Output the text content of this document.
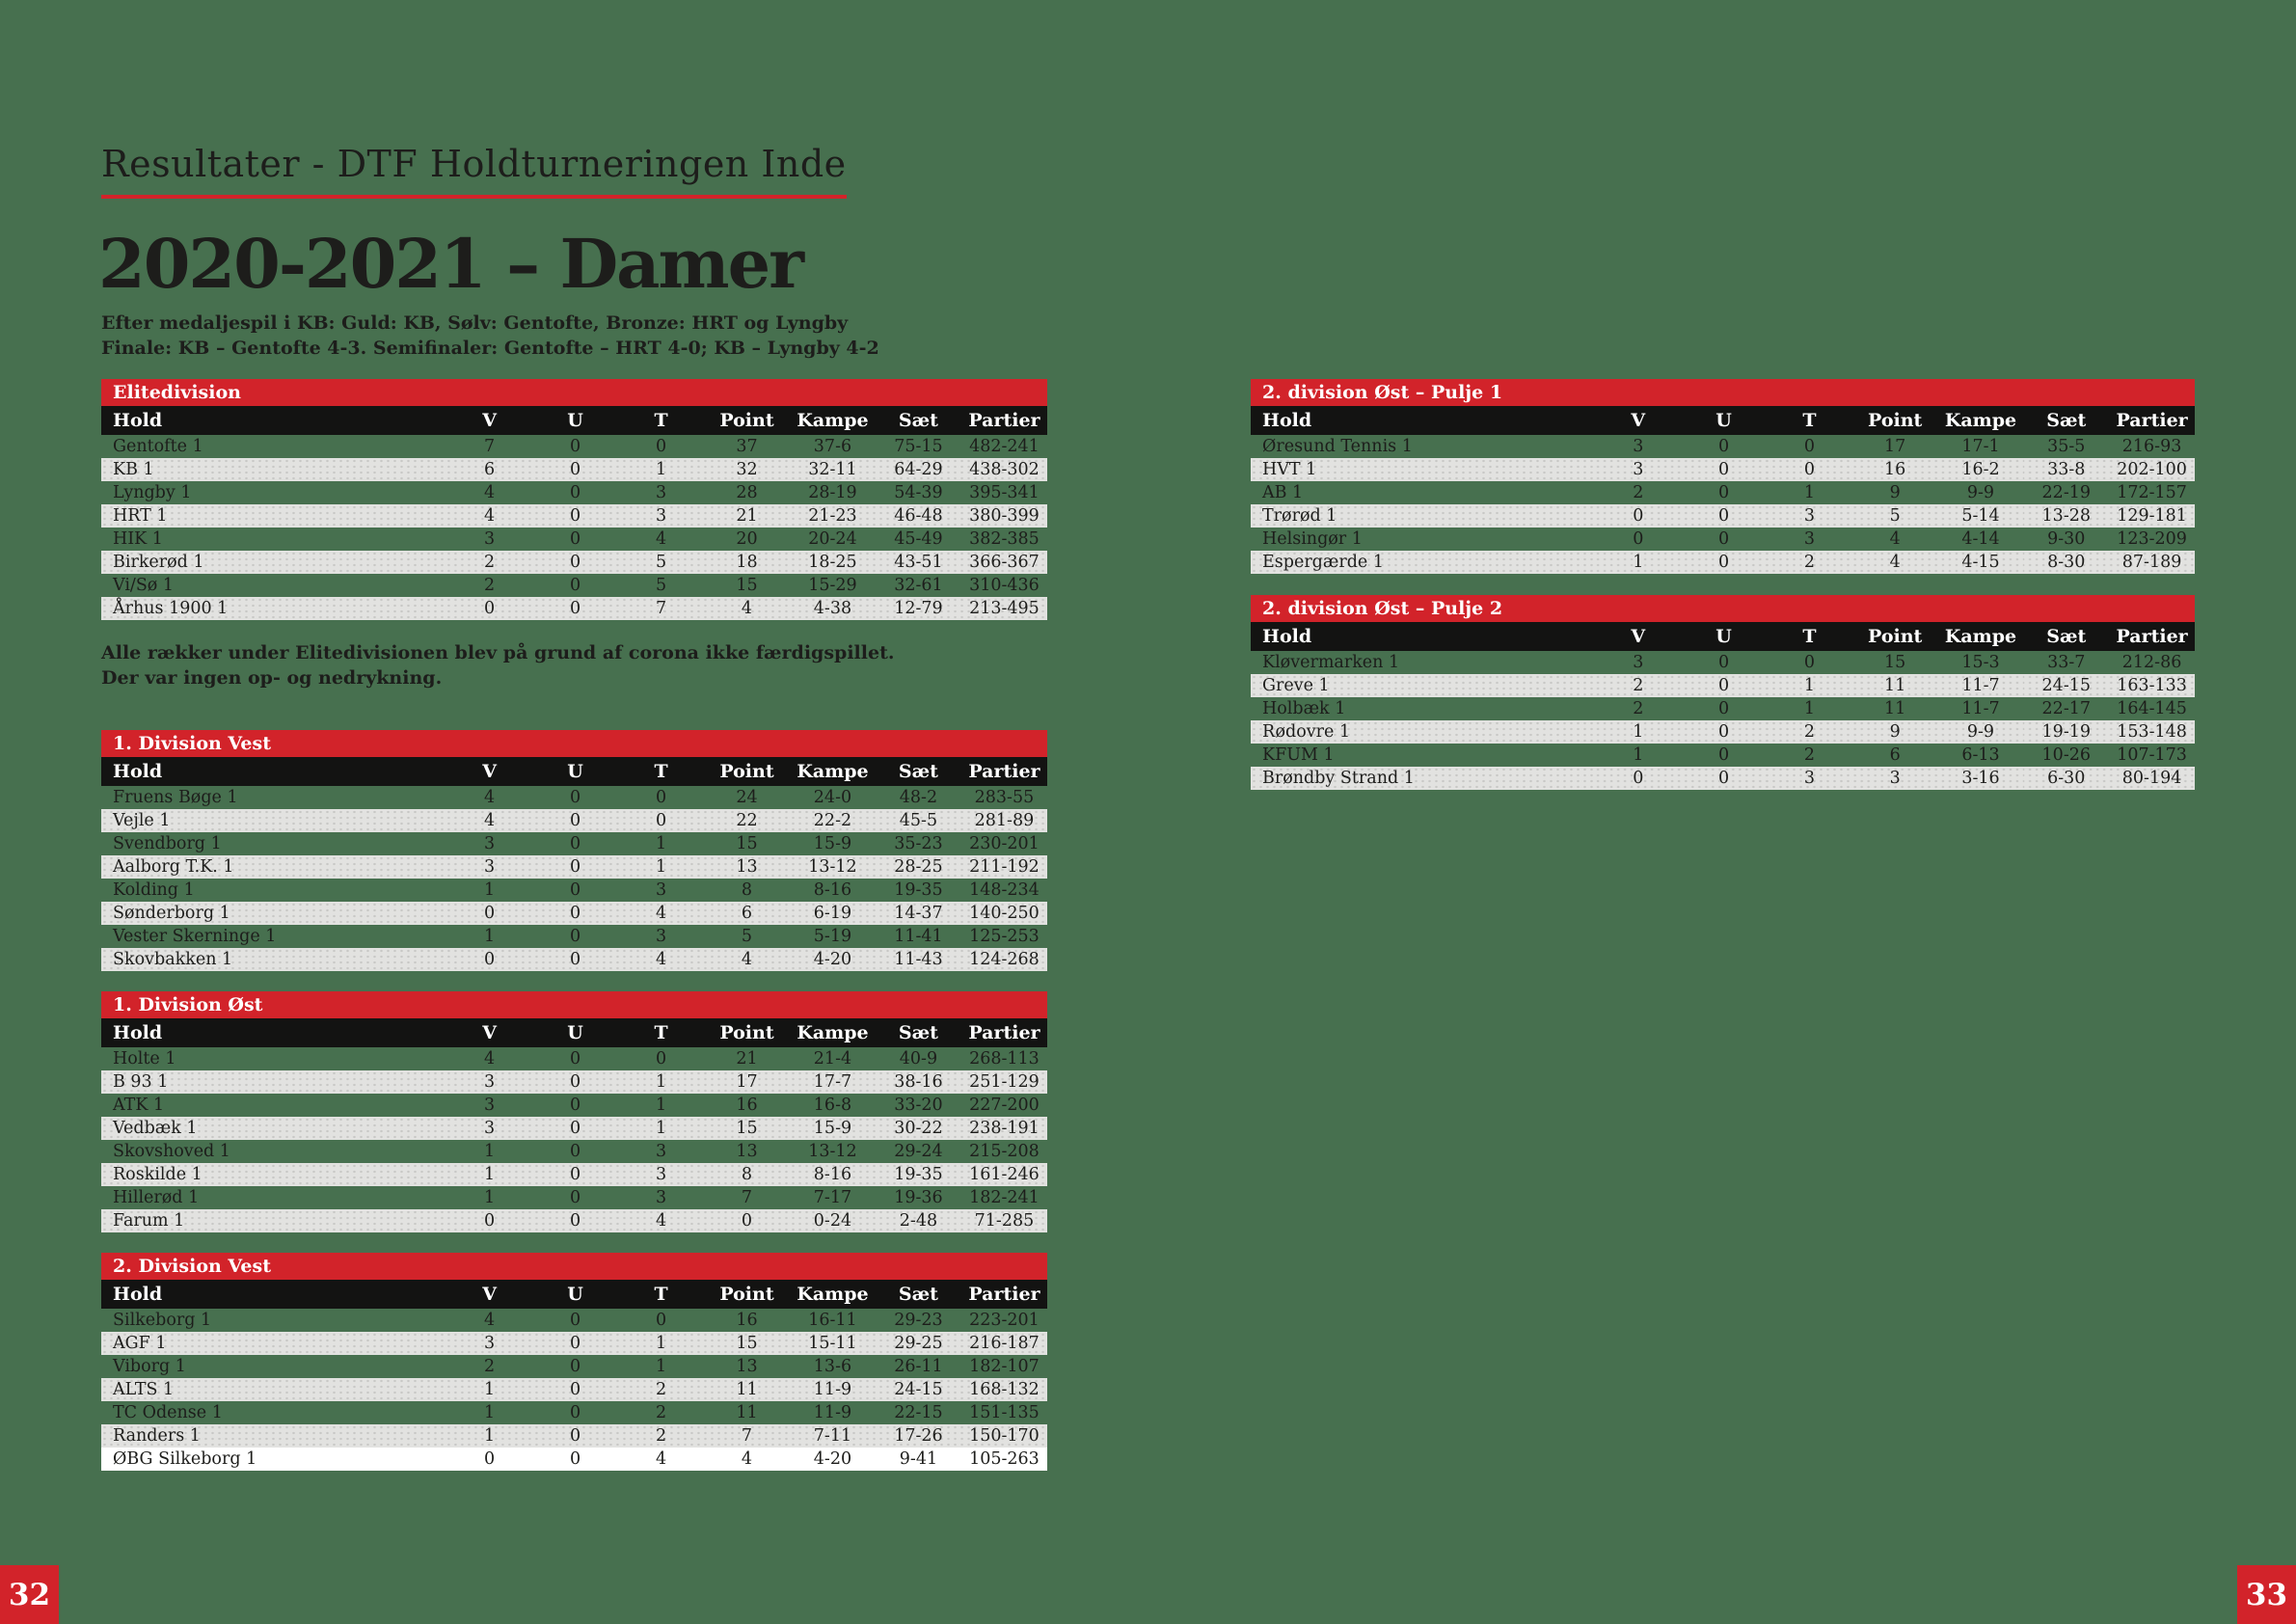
Resultater - DTF Holdturneringen Inde
2020-2021 – Damer
Efter medaljespil i KB: Guld: KB, Sølv: Gentofte, Bronze: HRT og Lyngby
Finale: KB – Gentofte 4-3. Semifinaler: Gentofte – HRT 4-0; KB – Lyngby 4-2
Elitedivision
Hold	V	U	T	Point	Kampe	Sæt	Partier
Gentofte 1	7	0	0	37	37-6	75-15	482-241
KB 1	6	0	1	32	32-11	64-29	438-302
Lyngby 1	4	0	3	28	28-19	54-39	395-341
HRT 1	4	0	3	21	21-23	46-48	380-399
HIK 1	3	0	4	20	20-24	45-49	382-385
Birkerød 1	2	0	5	18	18-25	43-51	366-367
Vi/Sø 1	2	0	5	15	15-29	32-61	310-436
Århus 1900 1	0	0	7	4	4-38	12-79	213-495
Alle rækker under Elitedivisionen blev på grund af corona ikke færdigspillet.
Der var ingen op- og nedrykning.
1. Division Vest
Hold	V	U	T	Point	Kampe	Sæt	Partier
Fruens Bøge 1	4	0	0	24	24-0	48-2	283-55
Vejle 1	4	0	0	22	22-2	45-5	281-89
Svendborg 1	3	0	1	15	15-9	35-23	230-201
Aalborg T.K. 1	3	0	1	13	13-12	28-25	211-192
Kolding 1	1	0	3	8	8-16	19-35	148-234
Sønderborg 1	0	0	4	6	6-19	14-37	140-250
Vester Skerninge 1	1	0	3	5	5-19	11-41	125-253
Skovbakken 1	0	0	4	4	4-20	11-43	124-268
1. Division Øst
Hold	V	U	T	Point	Kampe	Sæt	Partier
Holte 1	4	0	0	21	21-4	40-9	268-113
B 93 1	3	0	1	17	17-7	38-16	251-129
ATK 1	3	0	1	16	16-8	33-20	227-200
Vedbæk 1	3	0	1	15	15-9	30-22	238-191
Skovshoved 1	1	0	3	13	13-12	29-24	215-208
Roskilde 1	1	0	3	8	8-16	19-35	161-246
Hillerød 1	1	0	3	7	7-17	19-36	182-241
Farum 1	0	0	4	0	0-24	2-48	71-285
2. Division Vest
Hold	V	U	T	Point	Kampe	Sæt	Partier
Silkeborg 1	4	0	0	16	16-11	29-23	223-201
AGF 1	3	0	1	15	15-11	29-25	216-187
Viborg 1	2	0	1	13	13-6	26-11	182-107
ALTS 1	1	0	2	11	11-9	24-15	168-132
TC Odense 1	1	0	2	11	11-9	22-15	151-135
Randers 1	1	0	2	7	7-11	17-26	150-170
ØBG Silkeborg 1	0	0	4	4	4-20	9-41	105-263
2. division Øst – Pulje 1
Hold	V	U	T	Point	Kampe	Sæt	Partier
Øresund Tennis 1	3	0	0	17	17-1	35-5	216-93
HVT 1	3	0	0	16	16-2	33-8	202-100
AB 1	2	0	1	9	9-9	22-19	172-157
Trørød 1	0	0	3	5	5-14	13-28	129-181
Helsingør 1	0	0	3	4	4-14	9-30	123-209
Espergærde 1	1	0	2	4	4-15	8-30	87-189
2. division Øst – Pulje 2
Hold	V	U	T	Point	Kampe	Sæt	Partier
Kløvermarken 1	3	0	0	15	15-3	33-7	212-86
Greve 1	2	0	1	11	11-7	24-15	163-133
Holbæk 1	2	0	1	11	11-7	22-17	164-145
Rødovre 1	1	0	2	9	9-9	19-19	153-148
KFUM 1	1	0	2	6	6-13	10-26	107-173
Brøndby Strand 1	0	0	3	3	3-16	6-30	80-194
32	33
